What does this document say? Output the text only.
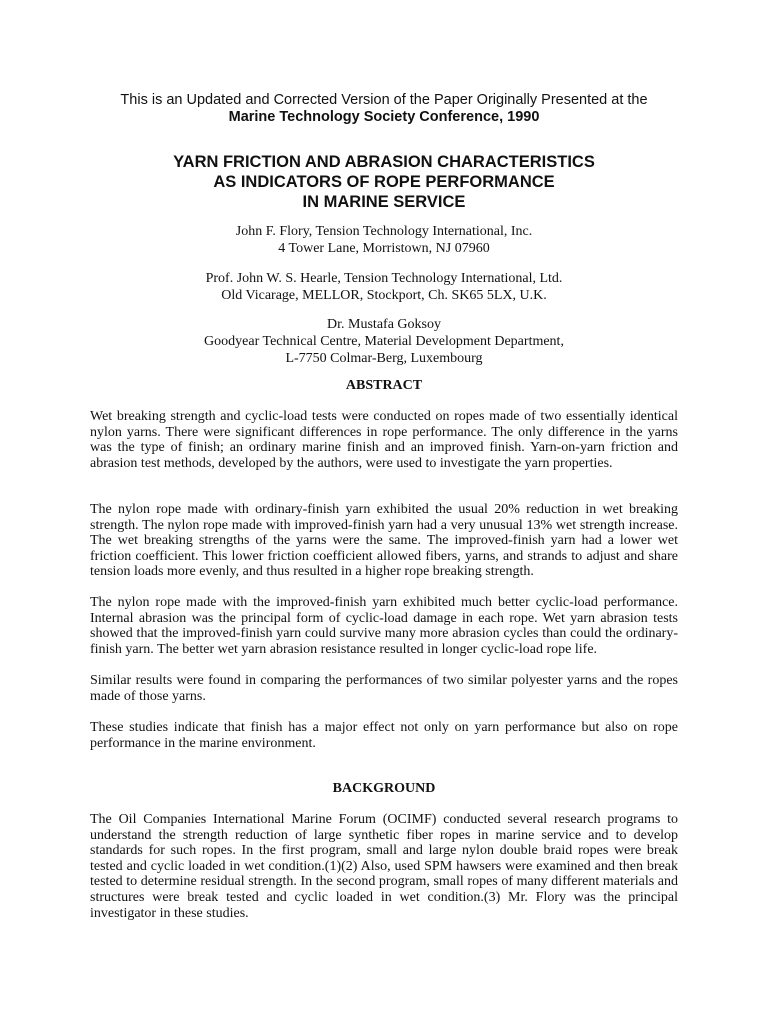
This is an Updated and Corrected Version of the Paper Originally Presented at the
Marine Technology Society Conference, 1990
YARN FRICTION AND ABRASION CHARACTERISTICS
AS INDICATORS OF ROPE PERFORMANCE
IN MARINE SERVICE
John F. Flory, Tension Technology International, Inc.
4 Tower Lane, Morristown, NJ 07960
Prof. John W. S. Hearle, Tension Technology International, Ltd.
Old Vicarage, MELLOR, Stockport, Ch. SK65 5LX, U.K.
Dr. Mustafa Goksoy
Goodyear Technical Centre, Material Development Department,
L-7750 Colmar-Berg, Luxembourg
ABSTRACT

Wet breaking strength and cyclic-load tests were conducted on ropes made of two essentially identical nylon yarns. There were significant differences in rope performance. The only difference in the yarns was the type of finish; an ordinary marine finish and an improved finish. Yarn-on-yarn friction and abrasion test methods, developed by the authors, were used to investigate the yarn properties.

The nylon rope made with ordinary-finish yarn exhibited the usual 20% reduction in wet breaking strength. The nylon rope made with improved-finish yarn had a very unusual 13% wet strength increase. The wet breaking strengths of the yarns were the same. The improved-finish yarn had a lower wet friction coefficient. This lower friction coefficient allowed fibers, yarns, and strands to adjust and share tension loads more evenly, and thus resulted in a higher rope breaking strength.

The nylon rope made with the improved-finish yarn exhibited much better cyclic-load performance. Internal abrasion was the principal form of cyclic-load damage in each rope. Wet yarn abrasion tests showed that the improved-finish yarn could survive many more abrasion cycles than could the ordinary-finish yarn. The better wet yarn abrasion resistance resulted in longer cyclic-load rope life.

Similar results were found in comparing the performances of two similar polyester yarns and the ropes made of those yarns.

These studies indicate that finish has a major effect not only on yarn performance but also on rope performance in the marine environment.

BACKGROUND

The Oil Companies International Marine Forum (OCIMF) conducted several research programs to understand the strength reduction of large synthetic fiber ropes in marine service and to develop standards for such ropes. In the first program, small and large nylon double braid ropes were break tested and cyclic loaded in wet condition.(1)(2) Also, used SPM hawsers were examined and then break tested to determine residual strength. In the second program, small ropes of many different materials and structures were break tested and cyclic loaded in wet condition.(3) Mr. Flory was the principal investigator in these studies.
